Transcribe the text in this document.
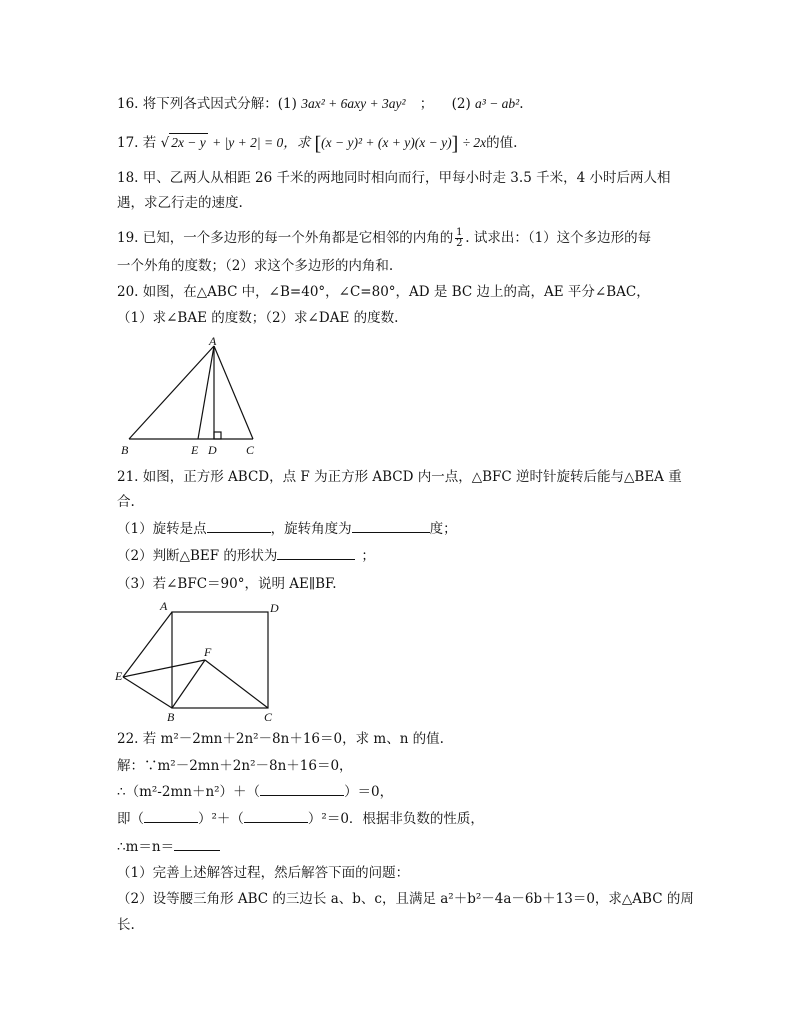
16. 将下列各式因式分解：(1) 3ax² + 6axy + 3ay² ； (2) a³ − ab².
17. 若 √ 2x − y + |y + 2| = 0，求 [(x − y)² + (x + y)(x − y)] ÷ 2x的值.
18. 甲、乙两人从相距 26 千米的两地同时相向而行，甲每小时走 3.5 千米，4 小时后两人相
遇，求乙行走的速度.
19. 已知，一个多边形的每一个外角都是它相邻的内角的 $\frac{1}{2}$ . 试求出：（1）这个多边形的每
一个外角的度数；（2）求这个多边形的内角和.
20. 如图，在△ABC 中，∠B=40°，∠C=80°，AD 是 BC 边上的高，AE 平分∠BAC，
（1）求∠BAE 的度数；（2）求∠DAE 的度数.
A
B	E D C
21. 如图，正方形 ABCD，点 F 为正方形 ABCD 内一点，△BFC 逆时针旋转后能与△BEA 重
合.
（1）旋转是点	，旋转角度为	度；
（2）判断△BEF 的形状为	；
（3）若∠BFC＝90°，说明 AE∥BF.
A	D
F
E
B	C
22. 若 m²－2mn＋2n²－8n＋16＝0，求 m、n 的值.
解：∵m²－2mn＋2n²－8n＋16＝0，
∴（m²-2mn＋n²）＋（	）＝0，
即（	）²＋（	）²＝0．根据非负数的性质，
∴m＝n＝
（1）完善上述解答过程，然后解答下面的问题：
（2）设等腰三角形 ABC 的三边长 a、b、c，且满足 a²＋b²－4a－6b＋13＝0，求△ABC 的周
长.
